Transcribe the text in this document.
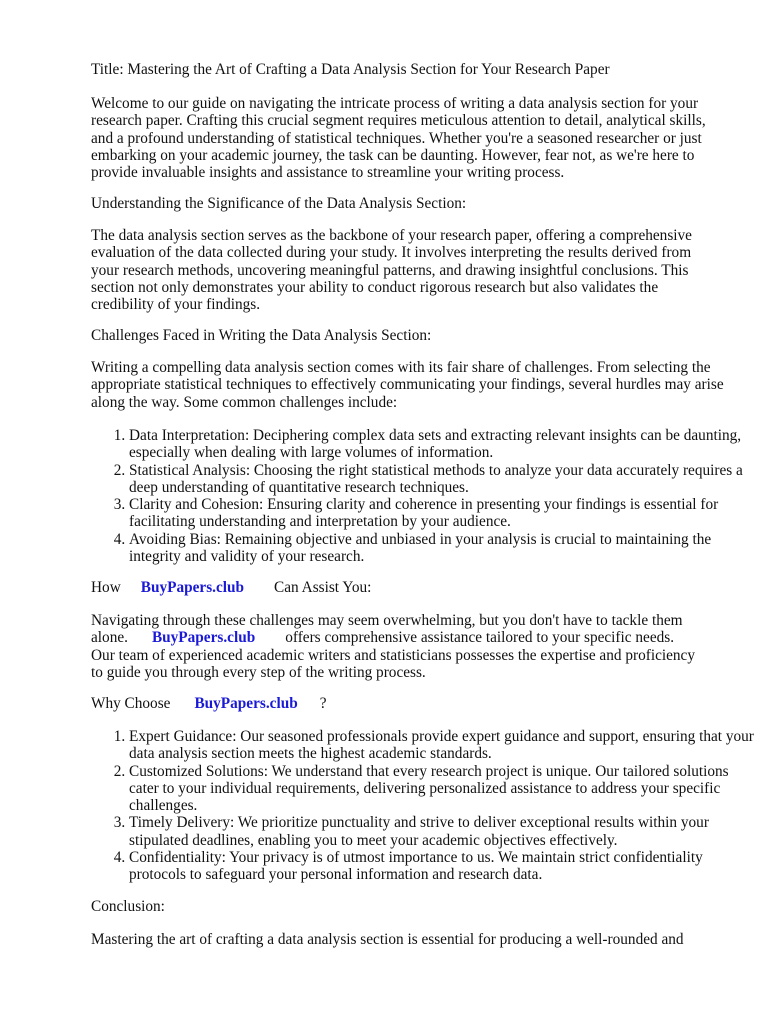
Title: Mastering the Art of Crafting a Data Analysis Section for Your Research Paper

Welcome to our guide on navigating the intricate process of writing a data analysis section for your research paper. Crafting this crucial segment requires meticulous attention to detail, analytical skills, and a profound understanding of statistical techniques. Whether you're a seasoned researcher or just embarking on your academic journey, the task can be daunting. However, fear not, as we're here to provide invaluable insights and assistance to streamline your writing process.

Understanding the Significance of the Data Analysis Section:

The data analysis section serves as the backbone of your research paper, offering a comprehensive evaluation of the data collected during your study. It involves interpreting the results derived from your research methods, uncovering meaningful patterns, and drawing insightful conclusions. This section not only demonstrates your ability to conduct rigorous research but also validates the credibility of your findings.

Challenges Faced in Writing the Data Analysis Section:

Writing a compelling data analysis section comes with its fair share of challenges. From selecting the appropriate statistical techniques to effectively communicating your findings, several hurdles may arise along the way. Some common challenges include:

1. Data Interpretation: Deciphering complex data sets and extracting relevant insights can be daunting, especially when dealing with large volumes of information.
2. Statistical Analysis: Choosing the right statistical methods to analyze your data accurately requires a deep understanding of quantitative research techniques.
3. Clarity and Cohesion: Ensuring clarity and coherence in presenting your findings is essential for facilitating understanding and interpretation by your audience.
4. Avoiding Bias: Remaining objective and unbiased in your analysis is crucial to maintaining the integrity and validity of your research.

How BuyPapers.club Can Assist You:

Navigating through these challenges may seem overwhelming, but you don't have to tackle them alone. BuyPapers.club offers comprehensive assistance tailored to your specific needs. Our team of experienced academic writers and statisticians possesses the expertise and proficiency to guide you through every step of the writing process.

Why Choose BuyPapers.club ?

1. Expert Guidance: Our seasoned professionals provide expert guidance and support, ensuring that your data analysis section meets the highest academic standards.
2. Customized Solutions: We understand that every research project is unique. Our tailored solutions cater to your individual requirements, delivering personalized assistance to address your specific challenges.
3. Timely Delivery: We prioritize punctuality and strive to deliver exceptional results within your stipulated deadlines, enabling you to meet your academic objectives effectively.
4. Confidentiality: Your privacy is of utmost importance to us. We maintain strict confidentiality protocols to safeguard your personal information and research data.

Conclusion:

Mastering the art of crafting a data analysis section is essential for producing a well-rounded and
